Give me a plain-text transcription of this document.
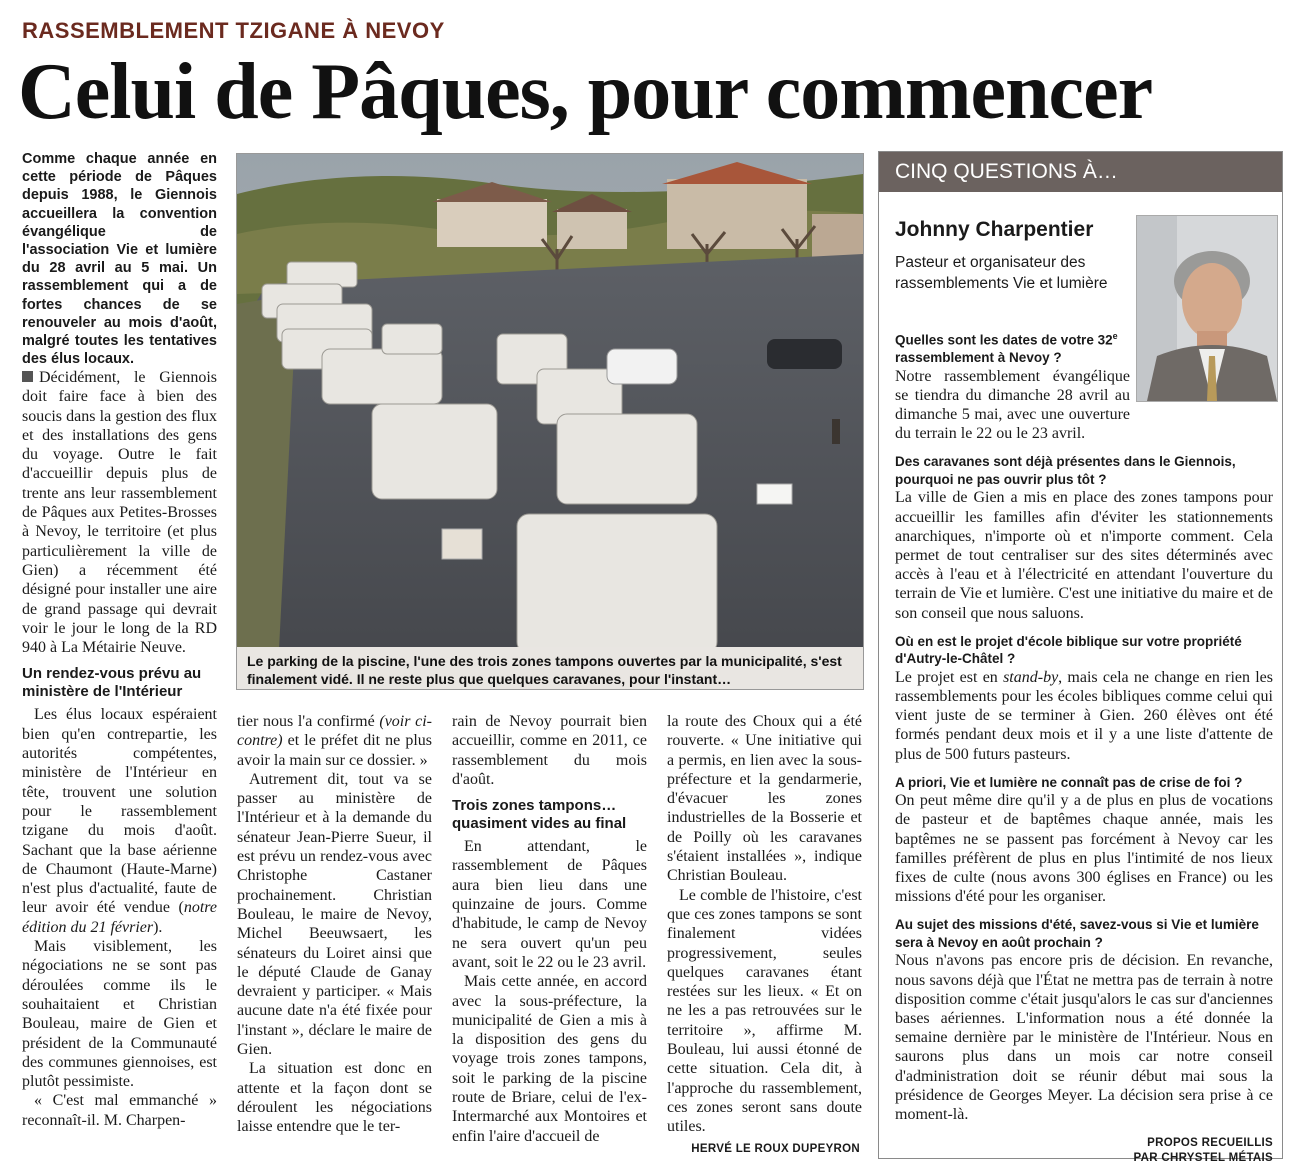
RASSEMBLEMENT TZIGANE À NEVOY
Celui de Pâques, pour commencer
Comme chaque année en cette période de Pâques depuis 1988, le Giennois accueillera la convention évangélique de l'association Vie et lumière du 28 avril au 5 mai. Un rassemblement qui a de fortes chances de se renouveler au mois d'août, malgré toutes les tentatives des élus locaux.

Décidément, le Giennois doit faire face à bien des soucis dans la gestion des flux et des installations des gens du voyage. Outre le fait d'accueillir depuis plus de trente ans leur rassemblement de Pâques aux Petites-Brosses à Nevoy, le territoire (et plus particulièrement la ville de Gien) a récemment été désigné pour installer une aire de grand passage qui devrait voir le jour le long de la RD 940 à La Métairie Neuve.

Un rendez-vous prévu au ministère de l'Intérieur

Les élus locaux espéraient bien qu'en contrepartie, les autorités compétentes, ministère de l'Intérieur en tête, trouvent une solution pour le rassemblement tzigane du mois d'août. Sachant que la base aérienne de Chaumont (Haute-Marne) n'est plus d'actualité, faute de leur avoir été vendue (notre édition du 21 février).

Mais visiblement, les négociations ne se sont pas déroulées comme ils le souhaitaient et Christian Bouleau, maire de Gien et président de la Communauté des communes giennoises, est plutôt pessimiste.

« C'est mal emmanché » reconnaît-il. M. Charpen-

Le parking de la piscine, l'une des trois zones tampons ouvertes par la municipalité, s'est finalement vidé. Il ne reste plus que quelques caravanes, pour l'instant…

tier nous l'a confirmé (voir ci-contre) et le préfet dit ne plus avoir la main sur ce dossier. »

Autrement dit, tout va se passer au ministère de l'Intérieur et à la demande du sénateur Jean-Pierre Sueur, il est prévu un rendez-vous avec Christophe Castaner prochainement. Christian Bouleau, le maire de Nevoy, Michel Beeuwsaert, les sénateurs du Loiret ainsi que le député Claude de Ganay devraient y participer. « Mais aucune date n'a été fixée pour l'instant », déclare le maire de Gien.

La situation est donc en attente et la façon dont se déroulent les négociations laisse entendre que le ter-

rain de Nevoy pourrait bien accueillir, comme en 2011, ce rassemblement du mois d'août.

Trois zones tampons… quasiment vides au final

En attendant, le rassemblement de Pâques aura bien lieu dans une quinzaine de jours. Comme d'habitude, le camp de Nevoy ne sera ouvert qu'un peu avant, soit le 22 ou le 23 avril.

Mais cette année, en accord avec la sous-préfecture, la municipalité de Gien a mis à la disposition des gens du voyage trois zones tampons, soit le parking de la piscine route de Briare, celui de l'ex-Intermarché aux Montoires et enfin l'aire d'accueil de

la route des Choux qui a été rouverte. « Une initiative qui a permis, en lien avec la sous-préfecture et la gendarmerie, d'évacuer les zones industrielles de la Bosserie et de Poilly où les caravanes s'étaient installées », indique Christian Bouleau.

Le comble de l'histoire, c'est que ces zones tampons se sont finalement vidées progressivement, seules quelques caravanes étant restées sur les lieux. « Et on ne les a pas retrouvées sur le territoire », affirme M. Bouleau, lui aussi étonné de cette situation. Cela dit, à l'approche du rassemblement, ces zones seront sans doute utiles.

HERVÉ LE ROUX DUPEYRON
CINQ QUESTIONS À…
Johnny Charpentier
Pasteur et organisateur des rassemblements Vie et lumière
Quelles sont les dates de votre 32e rassemblement à Nevoy ?
Notre rassemblement évangélique se tiendra du dimanche 28 avril au dimanche 5 mai, avec une ouverture du terrain le 22 ou le 23 avril.
Des caravanes sont déjà présentes dans le Giennois, pourquoi ne pas ouvrir plus tôt ?
La ville de Gien a mis en place des zones tampons pour accueillir les familles afin d'éviter les stationnements anarchiques, n'importe où et n'importe comment. Cela permet de tout centraliser sur des sites déterminés avec accès à l'eau et à l'électricité en attendant l'ouverture du terrain de Vie et lumière. C'est une initiative du maire et de son conseil que nous saluons.
Où en est le projet d'école biblique sur votre propriété d'Autry-le-Châtel ?
Le projet est en stand-by, mais cela ne change en rien les rassemblements pour les écoles bibliques comme celui qui vient juste de se terminer à Gien. 260 élèves ont été formés pendant deux mois et il y a une liste d'attente de plus de 500 futurs pasteurs.
A priori, Vie et lumière ne connaît pas de crise de foi ?
On peut même dire qu'il y a de plus en plus de vocations de pasteur et de baptêmes chaque année, mais les baptêmes ne se passent pas forcément à Nevoy car les familles préfèrent de plus en plus l'intimité de nos lieux fixes de culte (nous avons 300 églises en France) ou les missions d'été pour les organiser.
Au sujet des missions d'été, savez-vous si Vie et lumière sera à Nevoy en août prochain ?
Nous n'avons pas encore pris de décision. En revanche, nous savons déjà que l'État ne mettra pas de terrain à notre disposition comme c'était jusqu'alors le cas sur d'anciennes bases aériennes. L'information nous a été donnée la semaine dernière par le ministère de l'Intérieur. Nous en saurons plus dans un mois car notre conseil d'administration doit se réunir début mai sous la présidence de Georges Meyer. La décision sera prise à ce moment-là.
PROPOS RECUEILLIS
PAR CHRYSTEL MÉTAIS
